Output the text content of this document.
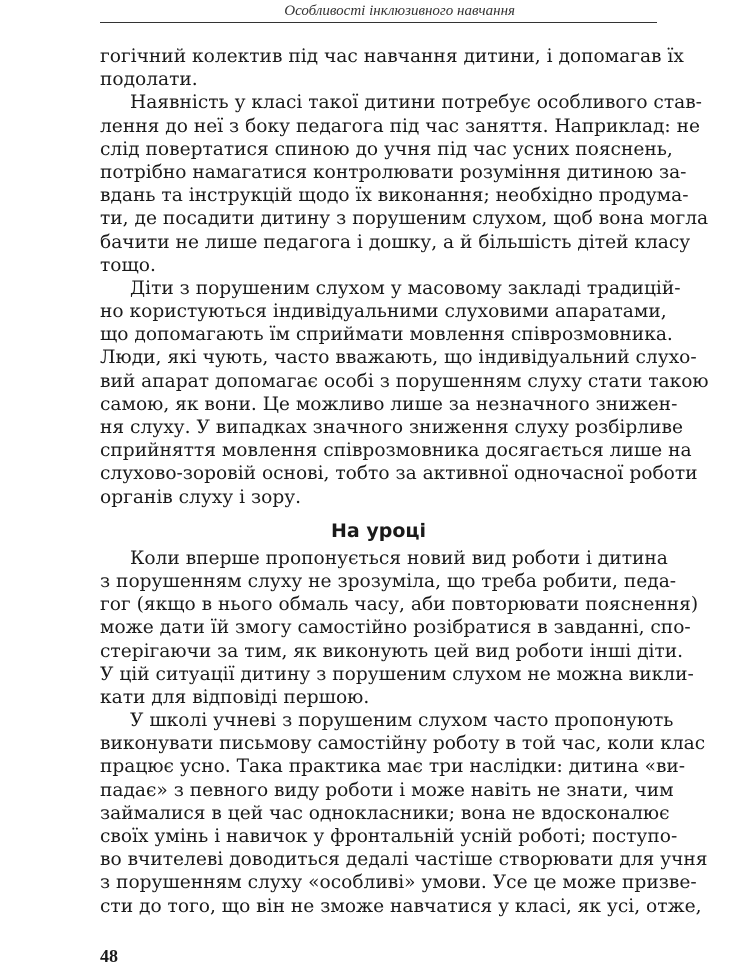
Особливості інклюзивного навчання
гогічний колектив під час навчання дитини, і допомагав їх
подолати.
Наявність у класі такої дитини потребує особливого став-
лення до неї з боку педагога під час заняття. Наприклад: не
слід повертатися спиною до учня під час усних пояснень,
потрібно намагатися контролювати розуміння дитиною за-
вдань та інструкцій щодо їх виконання; необхідно продума-
ти, де посадити дитину з порушеним слухом, щоб вона могла
бачити не лише педагога і дошку, а й більшість дітей класу
тощо.
Діти з порушеним слухом у масовому закладі традицій-
но користуються індивідуальними слуховими апаратами,
що допомагають їм сприймати мовлення співрозмовника.
Люди, які чують, часто вважають, що індивідуальний слухо-
вий апарат допомагає особі з порушенням слуху стати такою
самою, як вони. Це можливо лише за незначного знижен-
ня слуху. У випадках значного зниження слуху розбірливе
сприйняття мовлення співрозмовника досягається лише на
слухово-зоровій основі, тобто за активної одночасної роботи
органів слуху і зору.
На уроці
Коли вперше пропонується новий вид роботи і дитина
з порушенням слуху не зрозуміла, що треба робити, педа-
гог (якщо в нього обмаль часу, аби повторювати пояснення)
може дати їй змогу самостійно розібратися в завданні, спо-
стерігаючи за тим, як виконують цей вид роботи інші діти.
У цій ситуації дитину з порушеним слухом не можна викли-
кати для відповіді першою.
У школі учневі з порушеним слухом часто пропонують
виконувати письмову самостійну роботу в той час, коли клас
працює усно. Така практика має три наслідки: дитина «ви-
падає» з певного виду роботи і може навіть не знати, чим
займалися в цей час однокласники; вона не вдосконалює
своїх умінь і навичок у фронтальній усній роботі; поступо-
во вчителеві доводиться дедалі частіше створювати для учня
з порушенням слуху «особливі» умови. Усе це може призве-
сти до того, що він не зможе навчатися у класі, як усі, отже,
48
